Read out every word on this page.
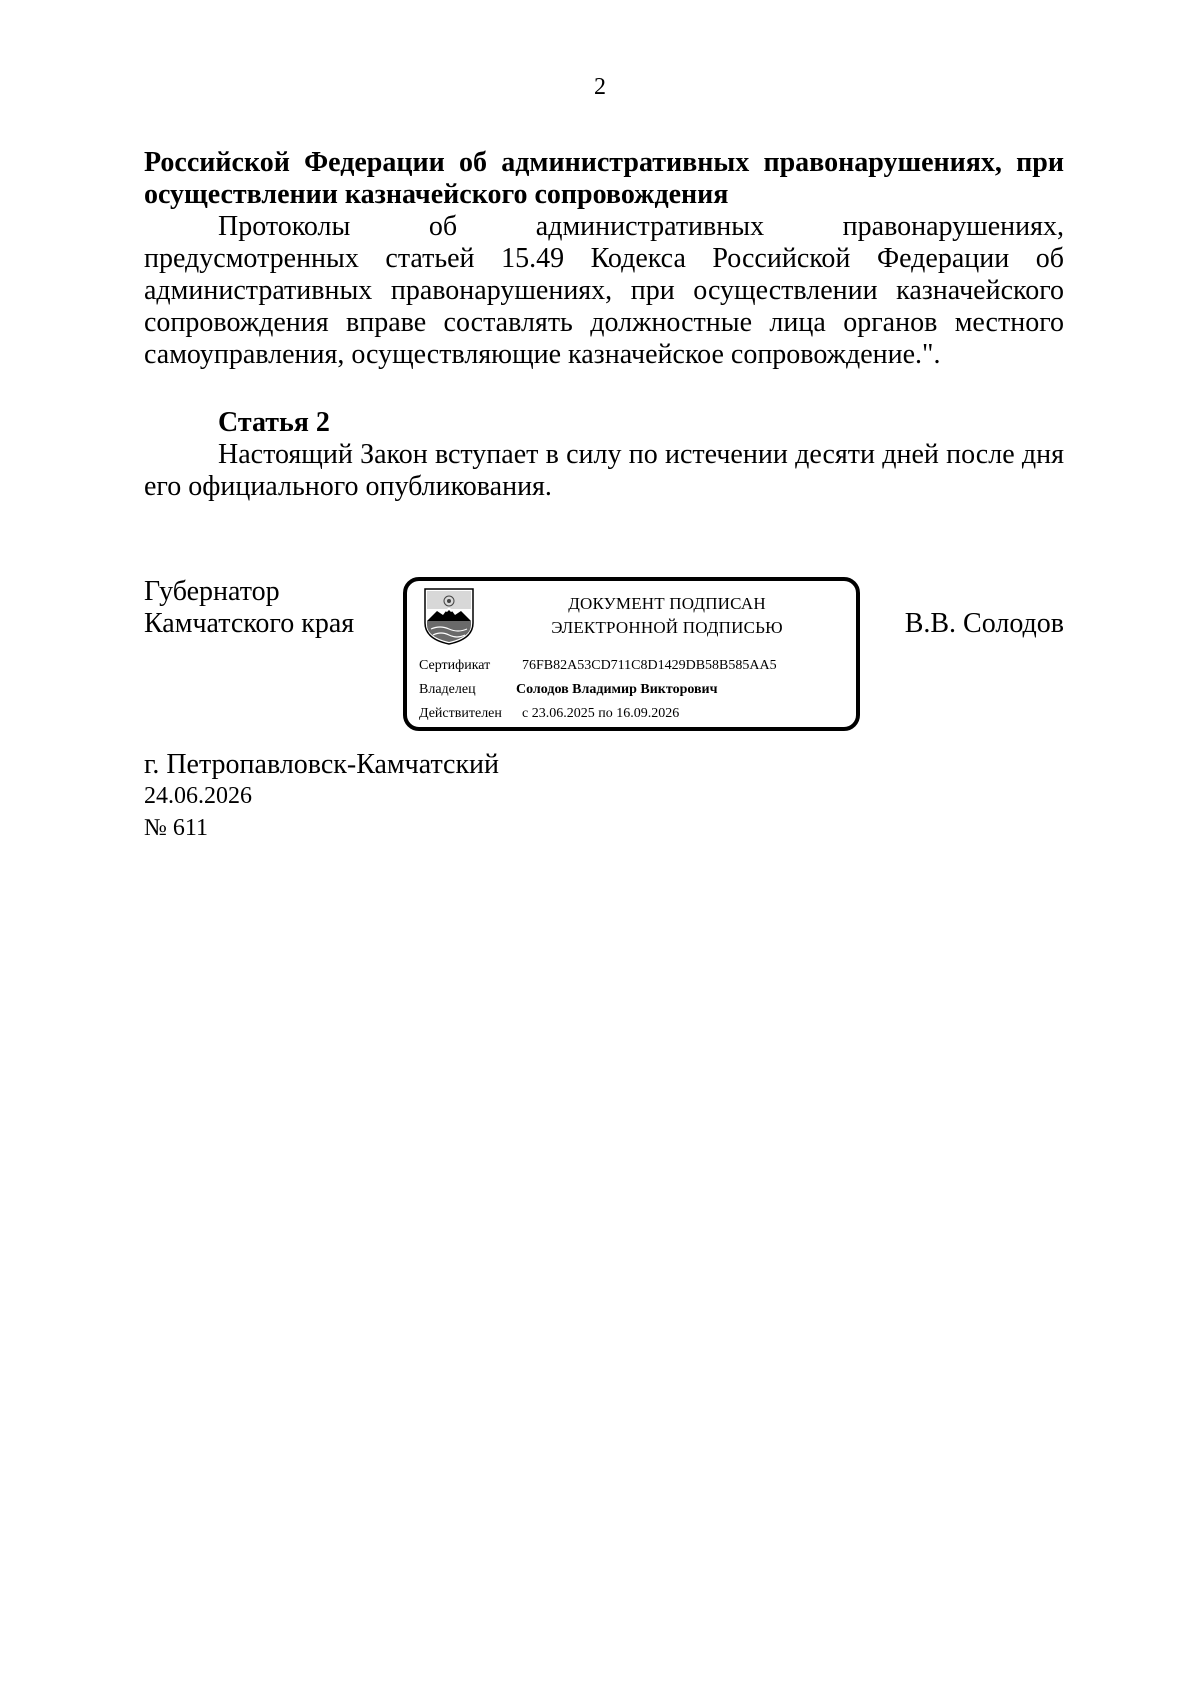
2
Российской Федерации об административных правонарушениях, при осуществлении казначейского сопровождения
Протоколы об административных правонарушениях, предусмотренных статьей 15.49 Кодекса Российской Федерации об административных правонарушениях, при осуществлении казначейского сопровождения вправе составлять должностные лица органов местного самоуправления, осуществляющие казначейское сопровождение.".
Статья 2
Настоящий Закон вступает в силу по истечении десяти дней после дня его официального опубликования.
Губернатор
Камчатского края
ДОКУМЕНТ ПОДПИСАН
ЭЛЕКТРОННОЙ ПОДПИСЬЮ
Сертификат 76FB82A53CD711C8D1429DB58B585AA5
Владелец	Солодов Владимир Викторович
Действителен с 23.06.2025 по 16.09.2026
В.В. Солодов
г. Петропавловск-Камчатский
24.06.2026
№ 611
